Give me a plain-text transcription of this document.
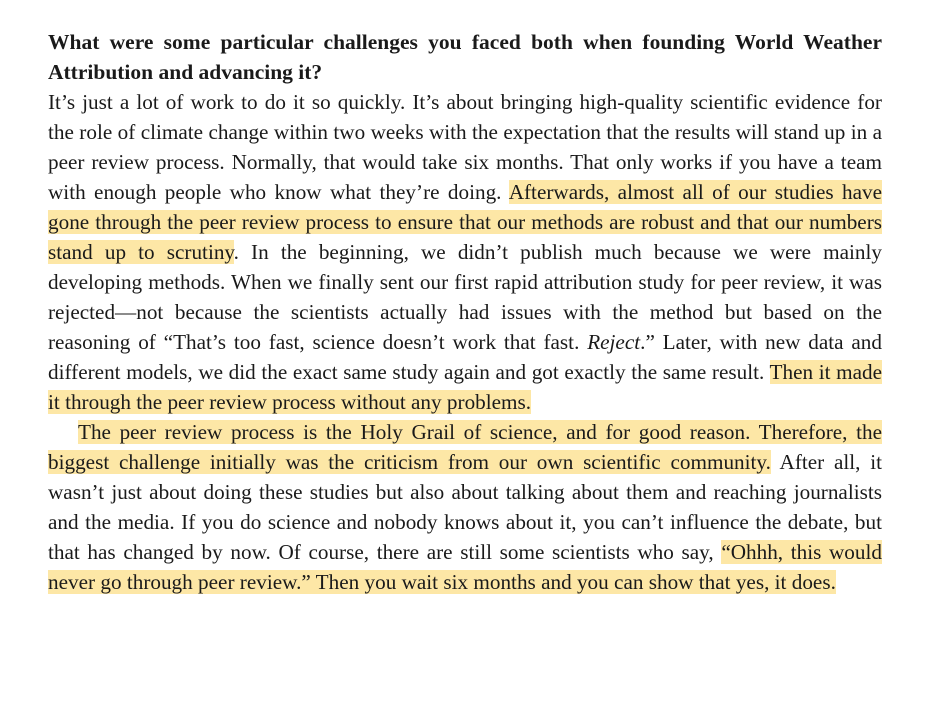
What were some particular challenges you faced both when founding World Weather Attribution and advancing it?

It’s just a lot of work to do it so quickly. It’s about bringing high-quality scientific evidence for the role of climate change within two weeks with the expectation that the results will stand up in a peer review process. Normally, that would take six months. That only works if you have a team with enough people who know what they’re doing. Afterwards, almost all of our studies have gone through the peer review process to ensure that our methods are robust and that our numbers stand up to scrutiny. In the beginning, we didn’t publish much because we were mainly developing methods. When we finally sent our first rapid attribution study for peer review, it was rejected—not because the scientists actually had issues with the method but based on the reasoning of “That’s too fast, science doesn’t work that fast. Reject.” Later, with new data and different models, we did the exact same study again and got exactly the same result. Then it made it through the peer review process without any problems.

The peer review process is the Holy Grail of science, and for good reason. Therefore, the biggest challenge initially was the criticism from our own scientific community. After all, it wasn’t just about doing these studies but also about talking about them and reaching journalists and the media. If you do science and nobody knows about it, you can’t influence the debate, but that has changed by now. Of course, there are still some scientists who say, “Ohhh, this would never go through peer review.” Then you wait six months and you can show that yes, it does.
